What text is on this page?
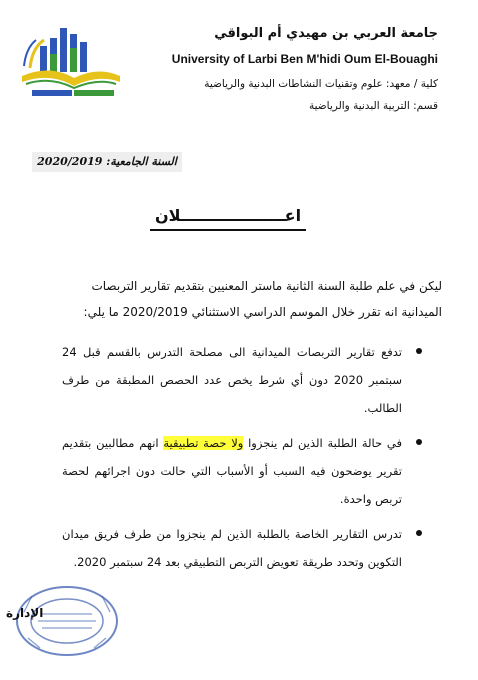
جامعة العربي بن مهيدي أم البواقي
University of Larbi Ben M'hidi Oum El-Bouaghi
كلية / معهد: علوم وتقنيات النشاطات البدنية والرياضية
قسم: التربية البدنية والرياضية
السنة الجامعية: 2020/2019
اعـــــــــــــــــــلان
ليكن في علم طلبة السنة الثانية ماستر المعنيين بتقديم تقارير التربصات
الميدانية انه تقرر خلال الموسم الدراسي الاستثنائي 2020/2019 ما يلي:
تدفع تقارير التربصات الميدانية الى مصلحة التدرس بالقسم قبل 24 سبتمبر 2020 دون أي شرط يخص عدد الحصص المطبقة من طرف الطالب.
في حالة الطلبة الذين لم ينجزوا ولا حصة تطبيقية انهم مطالبين بتقديم تقرير يوضحون فيه السبب أو الأسباب التي حالت دون اجرائهم لحصة تربص واحدة.
تدرس التقارير الخاصة بالطلبة الذين لم ينجزوا من طرف فريق ميدان التكوين وتحدد طريقة تعويض التربص التطبيقي بعد 24 سبتمبر 2020.
الإدارة
